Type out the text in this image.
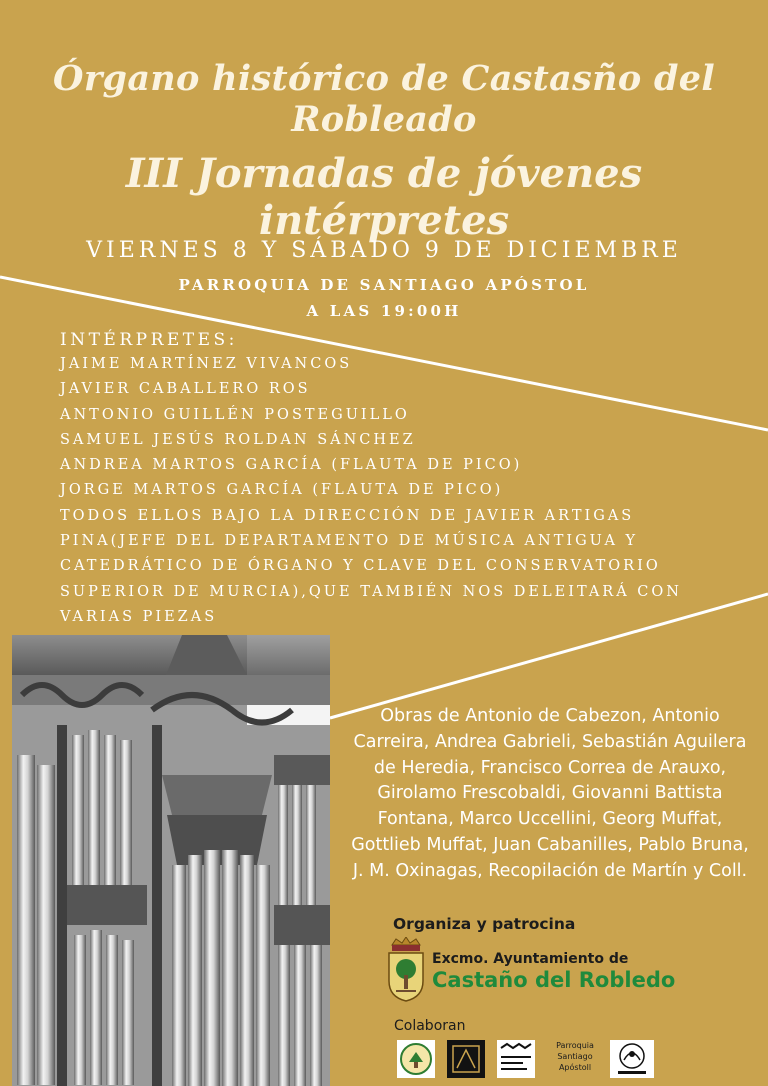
Órgano histórico de Castasño del Robleado
III Jornadas de jóvenes intérpretes
VIERNES 8 Y SÁBADO 9 DE DICIEMBRE
PARROQUIA DE SANTIAGO APÓSTOL
A LAS 19:00H
INTÉRPRETES:
JAIME MARTÍNEZ VIVANCOS
JAVIER CABALLERO ROS
ANTONIO GUILLÉN POSTEGUILLO
SAMUEL JESÚS ROLDAN SÁNCHEZ
ANDREA MARTOS GARCÍA (FLAUTA DE PICO)
JORGE MARTOS GARCÍA (FLAUTA DE PICO)
TODOS ELLOS BAJO LA DIRECCIÓN DE JAVIER ARTIGAS
PINA(JEFE DEL DEPARTAMENTO DE MÚSICA ANTIGUA Y
CATEDRÁTICO DE ÓRGANO Y CLAVE DEL CONSERVATORIO
SUPERIOR DE MURCIA),QUE TAMBIÉN NOS DELEITARÁ CON
VARIAS PIEZAS
Obras de Antonio de Cabezon, Antonio
Carreira, Andrea Gabrieli, Sebastián Aguilera
de Heredia, Francisco Correa de Arauxo,
Girolamo Frescobaldi, Giovanni Battista
Fontana, Marco Uccellini, Georg Muffat,
Gottlieb Muffat, Juan Cabanilles, Pablo Bruna,
J. M. Oxinagas, Recopilación de Martín y Coll.
Organiza y patrocina
Excmo. Ayuntamiento de
Castaño del Robledo
Colaboran
Parroquia Santiago Apóstoll
